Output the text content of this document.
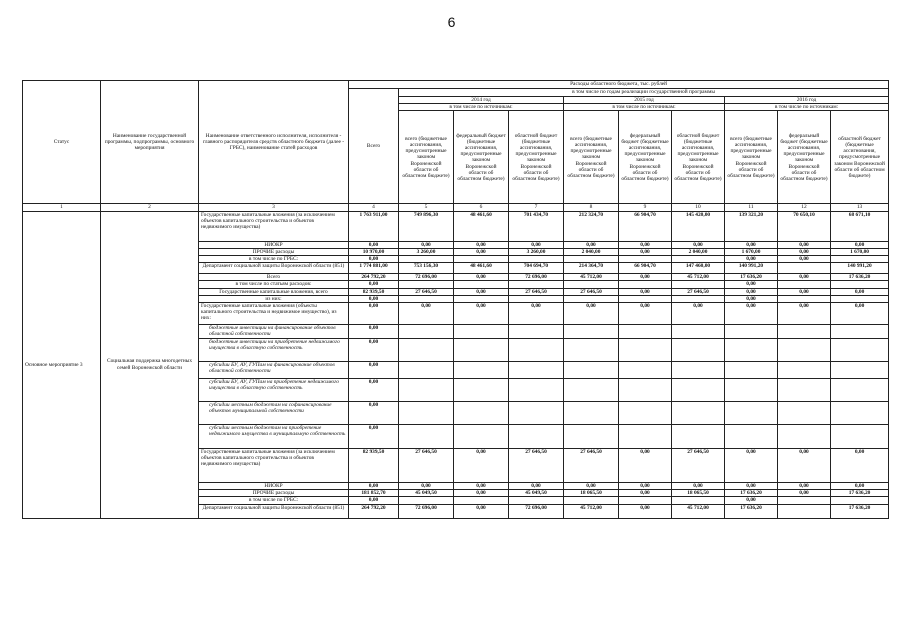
6
Статус	Наименование государственной программы, подпрограммы, основного мероприятия	Наименование ответственного исполнителя, исполнителя - главного распорядителя средств областного бюджета (далее - ГРБС), наименование статей расходов	Расходы областного бюджета, тыс. рублей									
			Всего	в том числе по годам реализации государственной программы								
				2014 год			2015 год			2016 год		
				в том числе по источникам:			в том числе по источникам:			в том числе по источникам:		
				всего (бюджетные ассигнования, предусмотренные законом Воронежской области об областном бюджете)	федеральный бюджет (бюджетные ассигнования, предусмотренные законом Воронежской области об областном бюджете)	областной бюджет (бюджетные ассигнования, предусмотренные законом Воронежской области об областном бюджете)	всего (бюджетные ассигнования, предусмотренные законом Воронежской области об областном бюджете)	федеральный бюджет (бюджетные ассигнования, предусмотренные законом Воронежской области об областном бюджете)	областной бюджет (бюджетные ассигнования, предусмотренные законом Воронежской области об областном бюджете)	всего (бюджетные ассигнования, предусмотренные законом Воронежской области об областном бюджете)	федеральный бюджет (бюджетные ассигнования, предусмотренные законом Воронежской области об областном бюджете)	областной бюджет (бюджетные ассигнования, предусмотренные законом Воронежской области об областном бюджете)
1	2	3	4	5	6	7	8	9	10	11	12	13
Основное мероприятие 3	Социальная поддержка многодетных семей Воронежской области	Государственные капитальные вложения (за исключением объектов капитального строительства и объектов недвижимого имущества)	1 763 911,00	749 896,30	48 461,60	701 434,70	212 324,70	66 904,70	145 420,00	139 321,20	70 650,10	68 671,10
		НИОКР	0,00	0,00	0,00	0,00	0,00	0,00	0,00	0,00	0,00	0,00
		ПРОЧИЕ расходы	10 970,00	3 260,00	0,00	3 260,00	2 040,00	0,00	2 040,00	1 670,00	0,00	1 670,00
		в том числе по ГРБС:	0,00							0,00	0,00	
		Департамент социальной защиты Воронежской области (851)	1 774 881,00	753 156,30	48 461,60	704 694,70	214 364,70	66 904,70	147 460,00	140 991,20		140 991,20
		Всего	264 792,20	72 696,00	0,00	72 696,00	45 712,00	0,00	45 712,00	17 636,20	0,00	17 636,20
		в том числе по статьям расходов:	0,00							0,00		
		Государственные капитальные вложения, всего	82 939,50	27 646,50	0,00	27 646,50	27 646,50	0,00	27 646,50	0,00	0,00	0,00
		из них:	0,00							0,00		
		Государственные капитальные вложения (объекты капитального строительства и недвижимое имущество), из них:	0,00	0,00	0,00	0,00	0,00	0,00	0,00	0,00	0,00	0,00
		бюджетные инвестиции на финансирование объектов областной собственности	0,00									
		бюджетные инвестиции на приобретение недвижимого имущества в областную собственность	0,00									
		субсидии БУ, АУ, ГУПам на финансирование объектов областной собственности	0,00									
		субсидии БУ, АУ, ГУПам на приобретение недвижимого имущества в областную собственность	0,00									
		субсидии местным бюджетам на софинансирование объектов муниципальной собственности	0,00									
		субсидии местным бюджетам на приобретение недвижимого имущества в муниципальную собственность	0,00									
		Государственные капитальные вложения (за исключением объектов капитального строительства и объектов недвижимого имущества)	82 939,50	27 646,50	0,00	27 646,50	27 646,50	0,00	27 646,50	0,00	0,00	0,00
		НИОКР	0,00	0,00	0,00	0,00	0,00	0,00	0,00	0,00	0,00	0,00
		ПРОЧИЕ расходы	181 852,70	45 049,50	0,00	45 049,50	18 065,50	0,00	18 065,50	17 636,20	0,00	17 636,20
		в том числе по ГРБС:	0,00							0,00		
		Департамент социальной защиты Воронежской области (851)	264 792,20	72 696,00	0,00	72 696,00	45 712,00	0,00	45 712,00	17 636,20		17 636,20
